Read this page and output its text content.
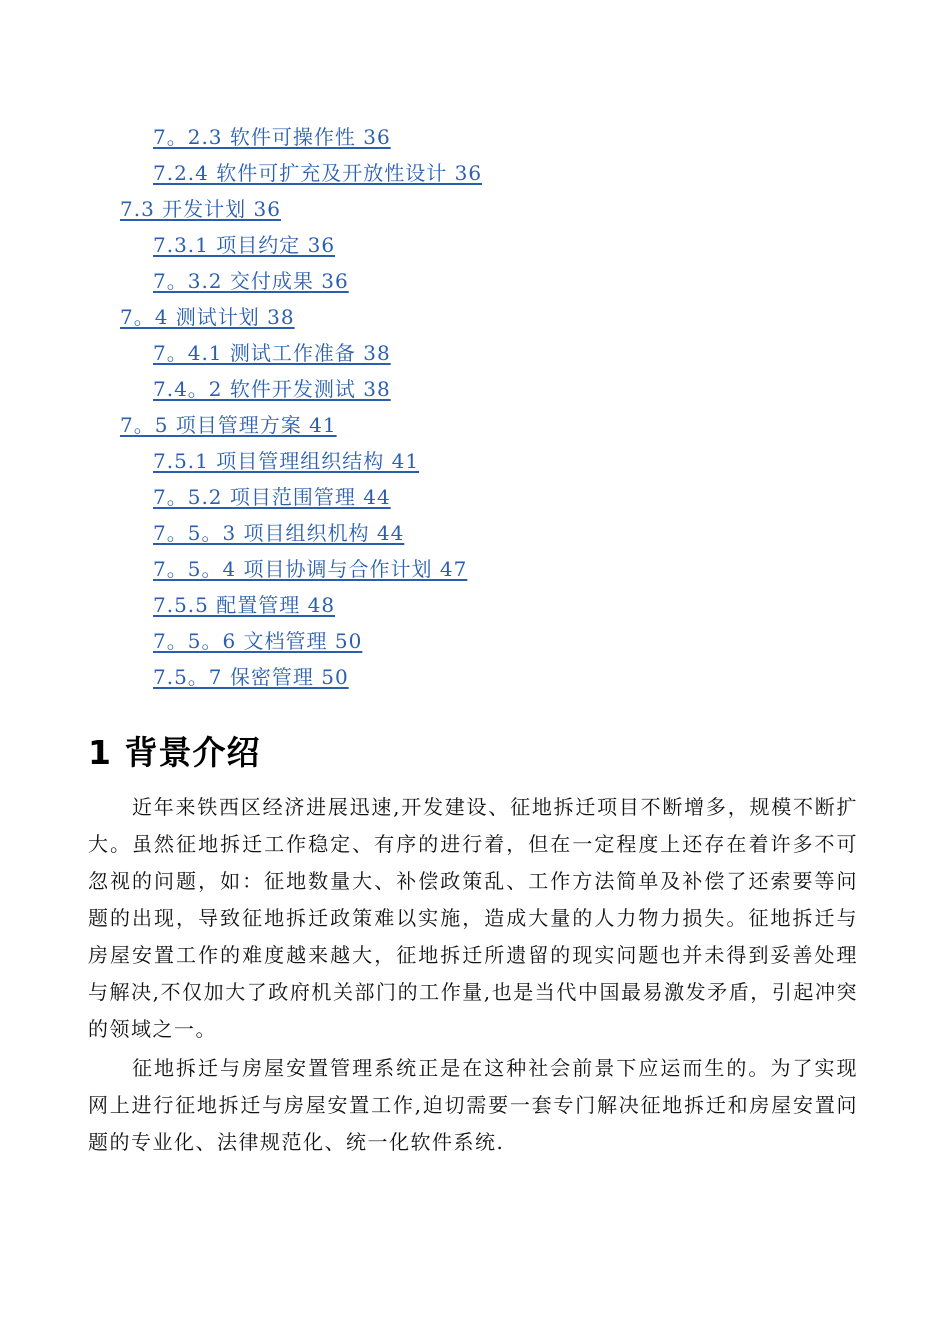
7。2.3 软件可操作性 36
7.2.4 软件可扩充及开放性设计 36
7.3 开发计划 36
7.3.1 项目约定 36
7。3.2 交付成果 36
7。4 测试计划 38
7。4.1 测试工作准备 38
7.4。2 软件开发测试 38
7。5 项目管理方案 41
7.5.1 项目管理组织结构 41
7。5.2 项目范围管理 44
7。5。3 项目组织机构 44
7。5。4 项目协调与合作计划 47
7.5.5 配置管理 48
7。5。6 文档管理 50
7.5。7 保密管理 50
1 背景介绍
近年来铁西区经济进展迅速,开发建设、征地拆迁项目不断增多，规模不断扩大。虽然征地拆迁工作稳定、有序的进行着，但在一定程度上还存在着许多不可忽视的问题，如：征地数量大、补偿政策乱、工作方法简单及补偿了还索要等问题的出现，导致征地拆迁政策难以实施，造成大量的人力物力损失。征地拆迁与房屋安置工作的难度越来越大，征地拆迁所遗留的现实问题也并未得到妥善处理与解决,不仅加大了政府机关部门的工作量,也是当代中国最易激发矛盾，引起冲突的领域之一。
征地拆迁与房屋安置管理系统正是在这种社会前景下应运而生的。为了实现网上进行征地拆迁与房屋安置工作,迫切需要一套专门解决征地拆迁和房屋安置问题的专业化、法律规范化、统一化软件系统.
